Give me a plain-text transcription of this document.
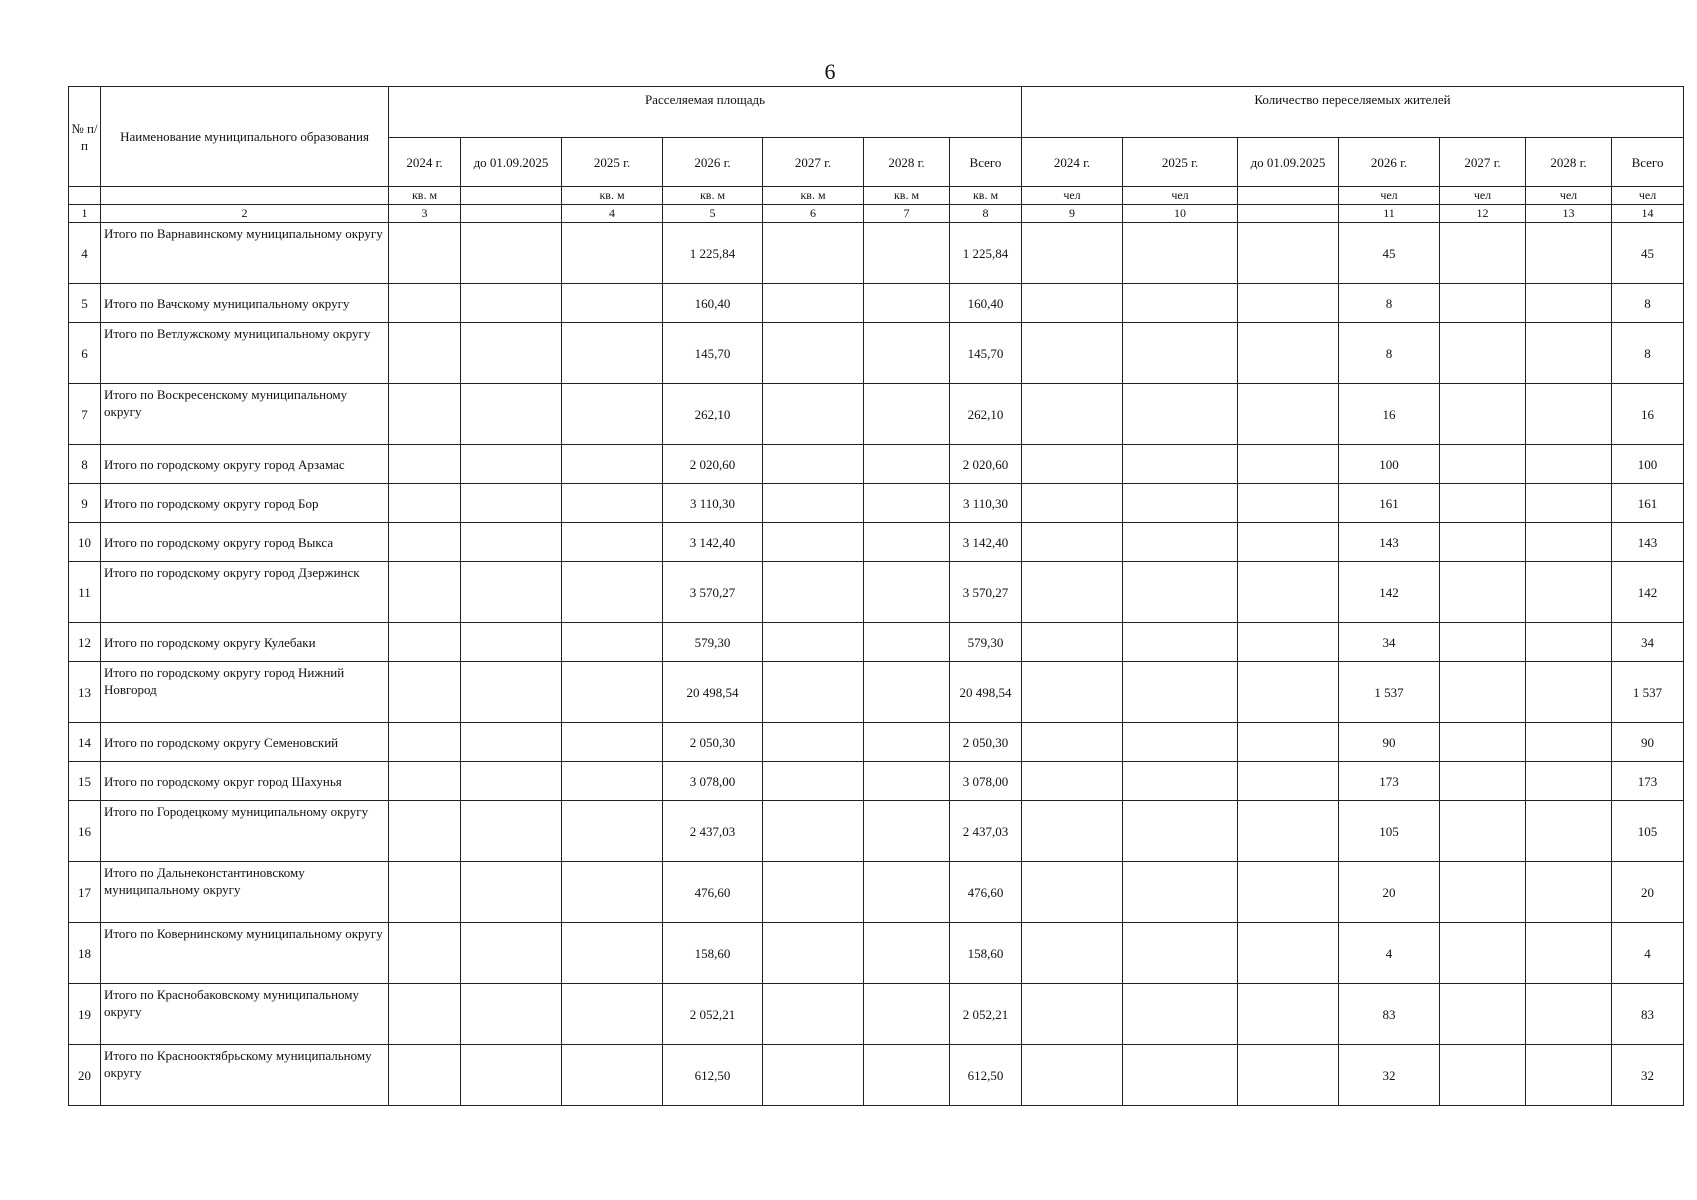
6
№ п/п	Наименование муниципального образования	Расселяемая площадь							Количество переселяемых жителей						
		2024 г.	до 01.09.2025	2025 г.	2026 г.	2027 г.	2028 г.	Всего	2024 г.	2025 г.	до 01.09.2025	2026 г.	2027 г.	2028 г.	Всего
		кв. м		кв. м	кв. м	кв. м	кв. м	кв. м	чел	чел		чел	чел	чел	чел
1	2	3		4	5	6	7	8	9	10		11	12	13	14
4	Итого по Варнавинскому муниципальному округу				1 225,84			1 225,84				45			45
5	Итого по Вачскому муниципальному округу				160,40			160,40				8			8
6	Итого по Ветлужскому муниципальному округу				145,70			145,70				8			8
7	Итого по Воскресенскому муниципальному округу				262,10			262,10				16			16
8	Итого по городскому округу город Арзамас				2 020,60			2 020,60				100			100
9	Итого по городскому округу город Бор				3 110,30			3 110,30				161			161
10	Итого по городскому округу город Выкса				3 142,40			3 142,40				143			143
11	Итого по городскому округу город Дзержинск				3 570,27			3 570,27				142			142
12	Итого по городскому округу Кулебаки				579,30			579,30				34			34
13	Итого по городскому округу город Нижний Новгород				20 498,54			20 498,54				1 537			1 537
14	Итого по городскому округу Семеновский				2 050,30			2 050,30				90			90
15	Итого по городскому округ город Шахунья				3 078,00			3 078,00				173			173
16	Итого по Городецкому муниципальному округу				2 437,03			2 437,03				105			105
17	Итого по Дальнеконстантиновскому муниципальному округу				476,60			476,60				20			20
18	Итого по Ковернинскому муниципальному округу				158,60			158,60				4			4
19	Итого по Краснобаковскому муниципальному округу				2 052,21			2 052,21				83			83
20	Итого по Краснооктябрьскому муниципальному округу				612,50			612,50				32			32
